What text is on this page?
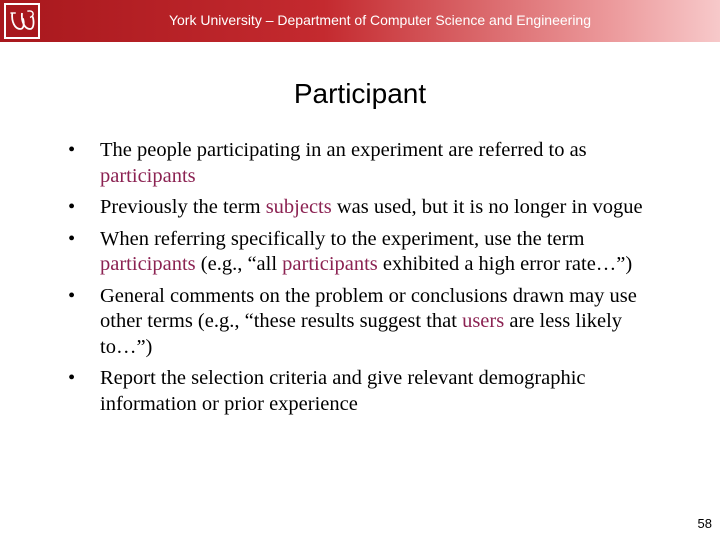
York University – Department of Computer Science and Engineering
Participant
• The people participating in an experiment are referred to as participants
• Previously the term subjects was used, but it is no longer in vogue
• When referring specifically to the experiment, use the term participants (e.g., “all participants exhibited a high error rate…”)
• General comments on the problem or conclusions drawn may use other terms (e.g., “these results suggest that users are less likely to…”)
• Report the selection criteria and give relevant demographic information or prior experience
58
